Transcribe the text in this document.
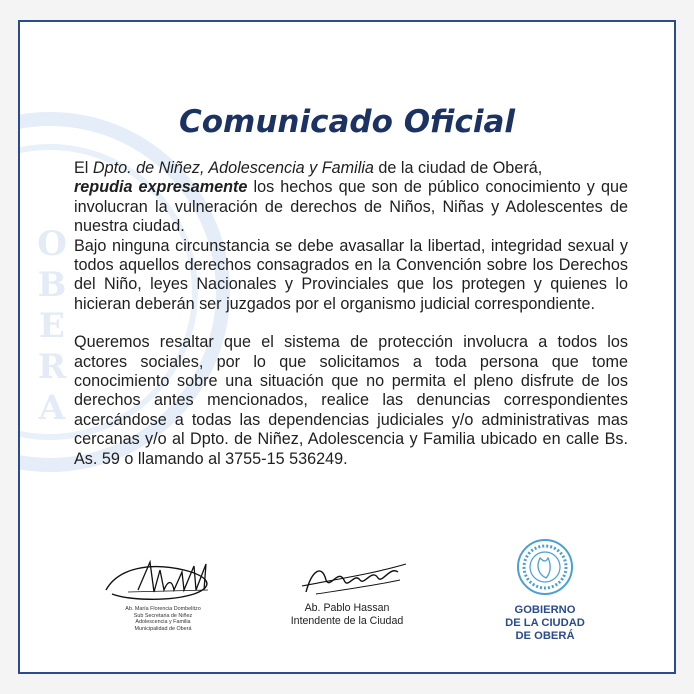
O
B
E
R
A
Comunicado Oficial

El Dpto. de Niñez, Adolescencia y Familia de la ciudad de Oberá,
repudia expresamente los hechos que son de público conocimiento y que involucran la vulneración de derechos de Niños, Niñas y Adolescentes de nuestra ciudad.

Bajo ninguna circunstancia se debe avasallar la libertad, integridad sexual y todos aquellos derechos consagrados en la Convención sobre los Derechos del Niño, leyes Nacionales y Provinciales que los protegen y quienes lo hicieran deberán ser juzgados por el organismo judicial correspondiente.

Queremos resaltar que el sistema de protección involucra a todos los actores sociales, por lo que solicitamos a toda persona que tome conocimiento sobre una situación que no permita el pleno disfrute de los derechos antes mencionados, realice las denuncias correspondientes acercándose a todas las dependencias judiciales y/o administrativas mas cercanas y/o al Dpto. de Niñez, Adolescencia y Familia ubicado en calle Bs. As. 59 o llamando al 3755-15 536249.

Ab. María Florencia Dombelitzo
Sub Secretaria de Niñez
Adolescencia y Familia
Municipalidad de Oberá
Ab. Pablo Hassan
Intendente de la Ciudad
GOBIERNO
DE LA CIUDAD
DE OBERÁ
